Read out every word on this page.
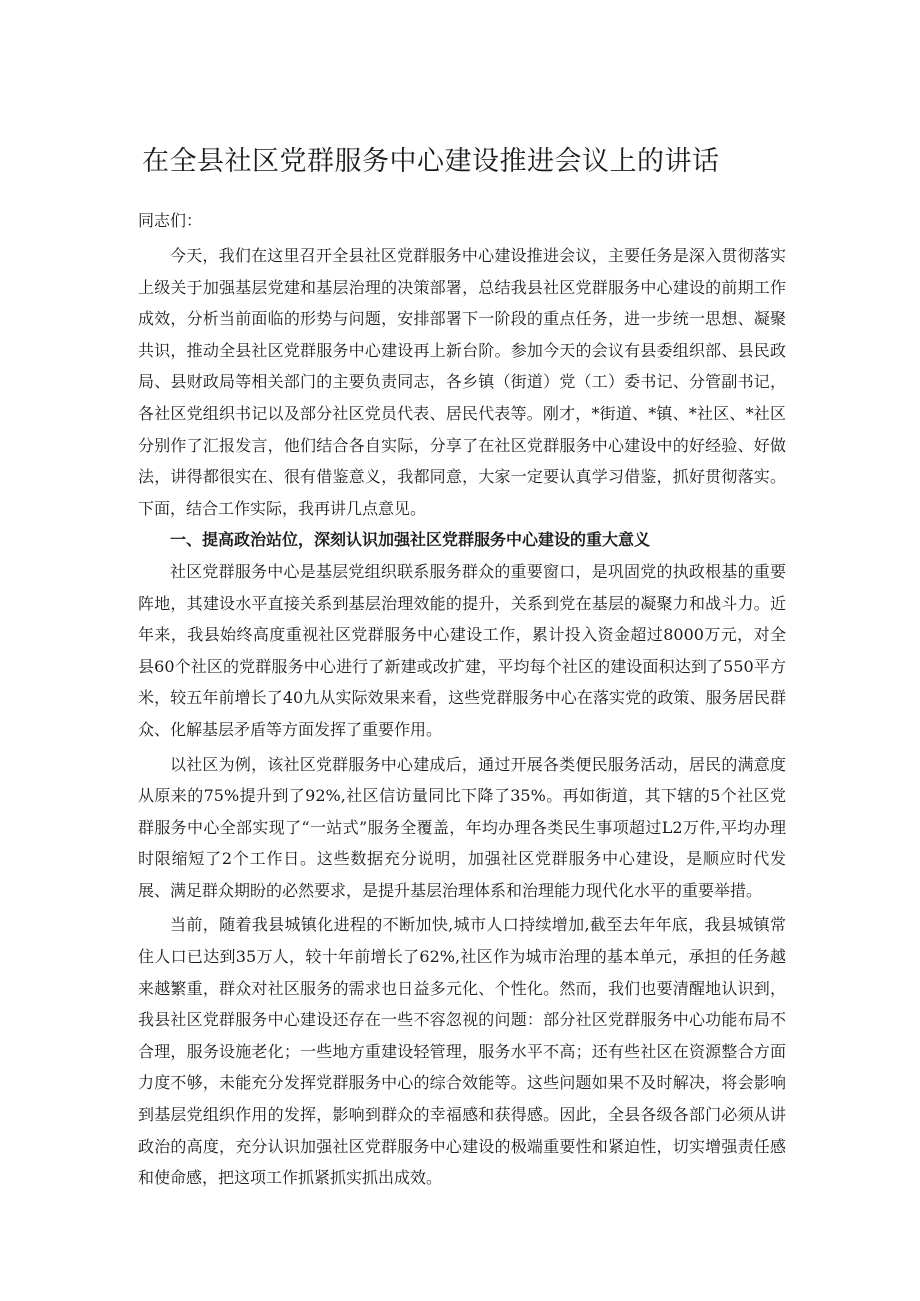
在全县社区党群服务中心建设推进会议上的讲话

同志们：

今天，我们在这里召开全县社区党群服务中心建设推进会议，主要任务是深入贯彻落实上级关于加强基层党建和基层治理的决策部署，总结我县社区党群服务中心建设的前期工作成效，分析当前面临的形势与问题，安排部署下一阶段的重点任务，进一步统一思想、凝聚共识，推动全县社区党群服务中心建设再上新台阶。参加今天的会议有县委组织部、县民政局、县财政局等相关部门的主要负责同志，各乡镇（街道）党（工）委书记、分管副书记，各社区党组织书记以及部分社区党员代表、居民代表等。刚才，*街道、*镇、*社区、*社区分别作了汇报发言，他们结合各自实际，分享了在社区党群服务中心建设中的好经验、好做法，讲得都很实在、很有借鉴意义，我都同意，大家一定要认真学习借鉴，抓好贯彻落实。下面，结合工作实际，我再讲几点意见。

一、提高政治站位，深刻认识加强社区党群服务中心建设的重大意义

社区党群服务中心是基层党组织联系服务群众的重要窗口，是巩固党的执政根基的重要阵地，其建设水平直接关系到基层治理效能的提升，关系到党在基层的凝聚力和战斗力。近年来，我县始终高度重视社区党群服务中心建设工作，累计投入资金超过8000万元，对全县60个社区的党群服务中心进行了新建或改扩建，平均每个社区的建设面积达到了550平方米，较五年前增长了40九从实际效果来看，这些党群服务中心在落实党的政策、服务居民群众、化解基层矛盾等方面发挥了重要作用。

以社区为例，该社区党群服务中心建成后，通过开展各类便民服务活动，居民的满意度从原来的75%提升到了92%,社区信访量同比下降了35%。再如街道，其下辖的5个社区党群服务中心全部实现了“一站式”服务全覆盖，年均办理各类民生事项超过L2万件,平均办理时限缩短了2个工作日。这些数据充分说明，加强社区党群服务中心建设，是顺应时代发展、满足群众期盼的必然要求，是提升基层治理体系和治理能力现代化水平的重要举措。

当前，随着我县城镇化进程的不断加快,城市人口持续增加,截至去年年底，我县城镇常住人口已达到35万人，较十年前增长了62%,社区作为城市治理的基本单元，承担的任务越来越繁重，群众对社区服务的需求也日益多元化、个性化。然而，我们也要清醒地认识到，我县社区党群服务中心建设还存在一些不容忽视的问题：部分社区党群服务中心功能布局不合理，服务设施老化；一些地方重建设轻管理，服务水平不高；还有些社区在资源整合方面力度不够，未能充分发挥党群服务中心的综合效能等。这些问题如果不及时解决，将会影响到基层党组织作用的发挥，影响到群众的幸福感和获得感。因此，全县各级各部门必须从讲政治的高度，充分认识加强社区党群服务中心建设的极端重要性和紧迫性，切实增强责任感和使命感，把这项工作抓紧抓实抓出成效。
